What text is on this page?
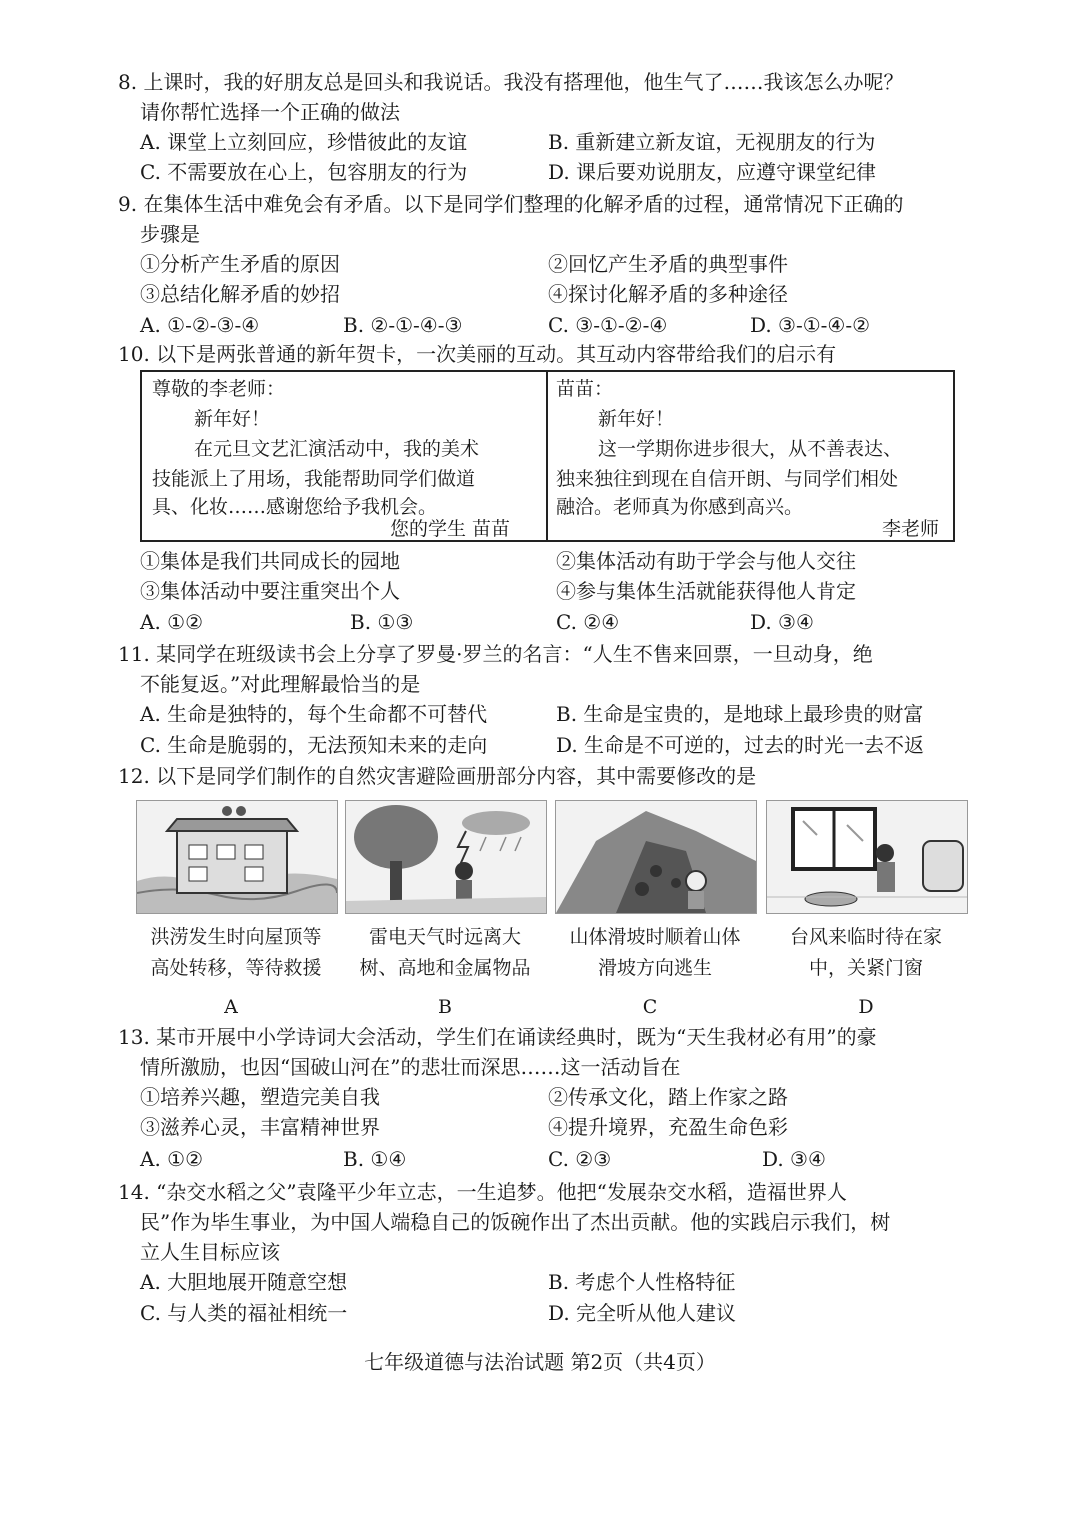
8. 上课时，我的好朋友总是回头和我说话。我没有搭理他，他生气了……我该怎么办呢？
请你帮忙选择一个正确的做法
A. 课堂上立刻回应，珍惜彼此的友谊	B. 重新建立新友谊，无视朋友的行为
C. 不需要放在心上，包容朋友的行为	D. 课后要劝说朋友，应遵守课堂纪律
9. 在集体生活中难免会有矛盾。以下是同学们整理的化解矛盾的过程，通常情况下正确的
步骤是
①分析产生矛盾的原因	②回忆产生矛盾的典型事件
③总结化解矛盾的妙招	④探讨化解矛盾的多种途径
A. ①-②-③-④	B. ②-①-④-③	C. ③-①-②-④	D. ③-①-④-②
10. 以下是两张普通的新年贺卡，一次美丽的互动。其互动内容带给我们的启示有
尊敬的李老师：
新年好！
在元旦文艺汇演活动中，我的美术
技能派上了用场，我能帮助同学们做道
具、化妆……感谢您给予我机会。
您的学生 苗苗
苗苗：
新年好！
这一学期你进步很大，从不善表达、
独来独往到现在自信开朗、与同学们相处
融洽。老师真为你感到高兴。
李老师
①集体是我们共同成长的园地	②集体活动有助于学会与他人交往
③集体活动中要注重突出个人	④参与集体生活就能获得他人肯定
A. ①②	B. ①③	C. ②④	D. ③④
11. 某同学在班级读书会上分享了罗曼·罗兰的名言：“人生不售来回票，一旦动身，绝
不能复返。”对此理解最恰当的是
A. 生命是独特的，每个生命都不可替代	B. 生命是宝贵的，是地球上最珍贵的财富
C. 生命是脆弱的，无法预知未来的走向	D. 生命是不可逆的，过去的时光一去不返
12. 以下是同学们制作的自然灾害避险画册部分内容，其中需要修改的是
洪涝发生时向屋顶等
高处转移，等待救援
雷电天气时远离大
树、高地和金属物品
山体滑坡时顺着山体
滑坡方向逃生
台风来临时待在家
中，关紧门窗
A	B	C	D
13. 某市开展中小学诗词大会活动，学生们在诵读经典时，既为“天生我材必有用”的豪
情所激励，也因“国破山河在”的悲壮而深思……这一活动旨在
①培养兴趣，塑造完美自我	②传承文化，踏上作家之路
③滋养心灵，丰富精神世界	④提升境界，充盈生命色彩
A. ①②	B. ①④	C. ②③	D. ③④
14. “杂交水稻之父”袁隆平少年立志，一生追梦。他把“发展杂交水稻，造福世界人
民”作为毕生事业，为中国人端稳自己的饭碗作出了杰出贡献。他的实践启示我们，树
立人生目标应该
A. 大胆地展开随意空想	B. 考虑个人性格特征
C. 与人类的福祉相统一	D. 完全听从他人建议
七年级道德与法治试题 第2页（共4页）
